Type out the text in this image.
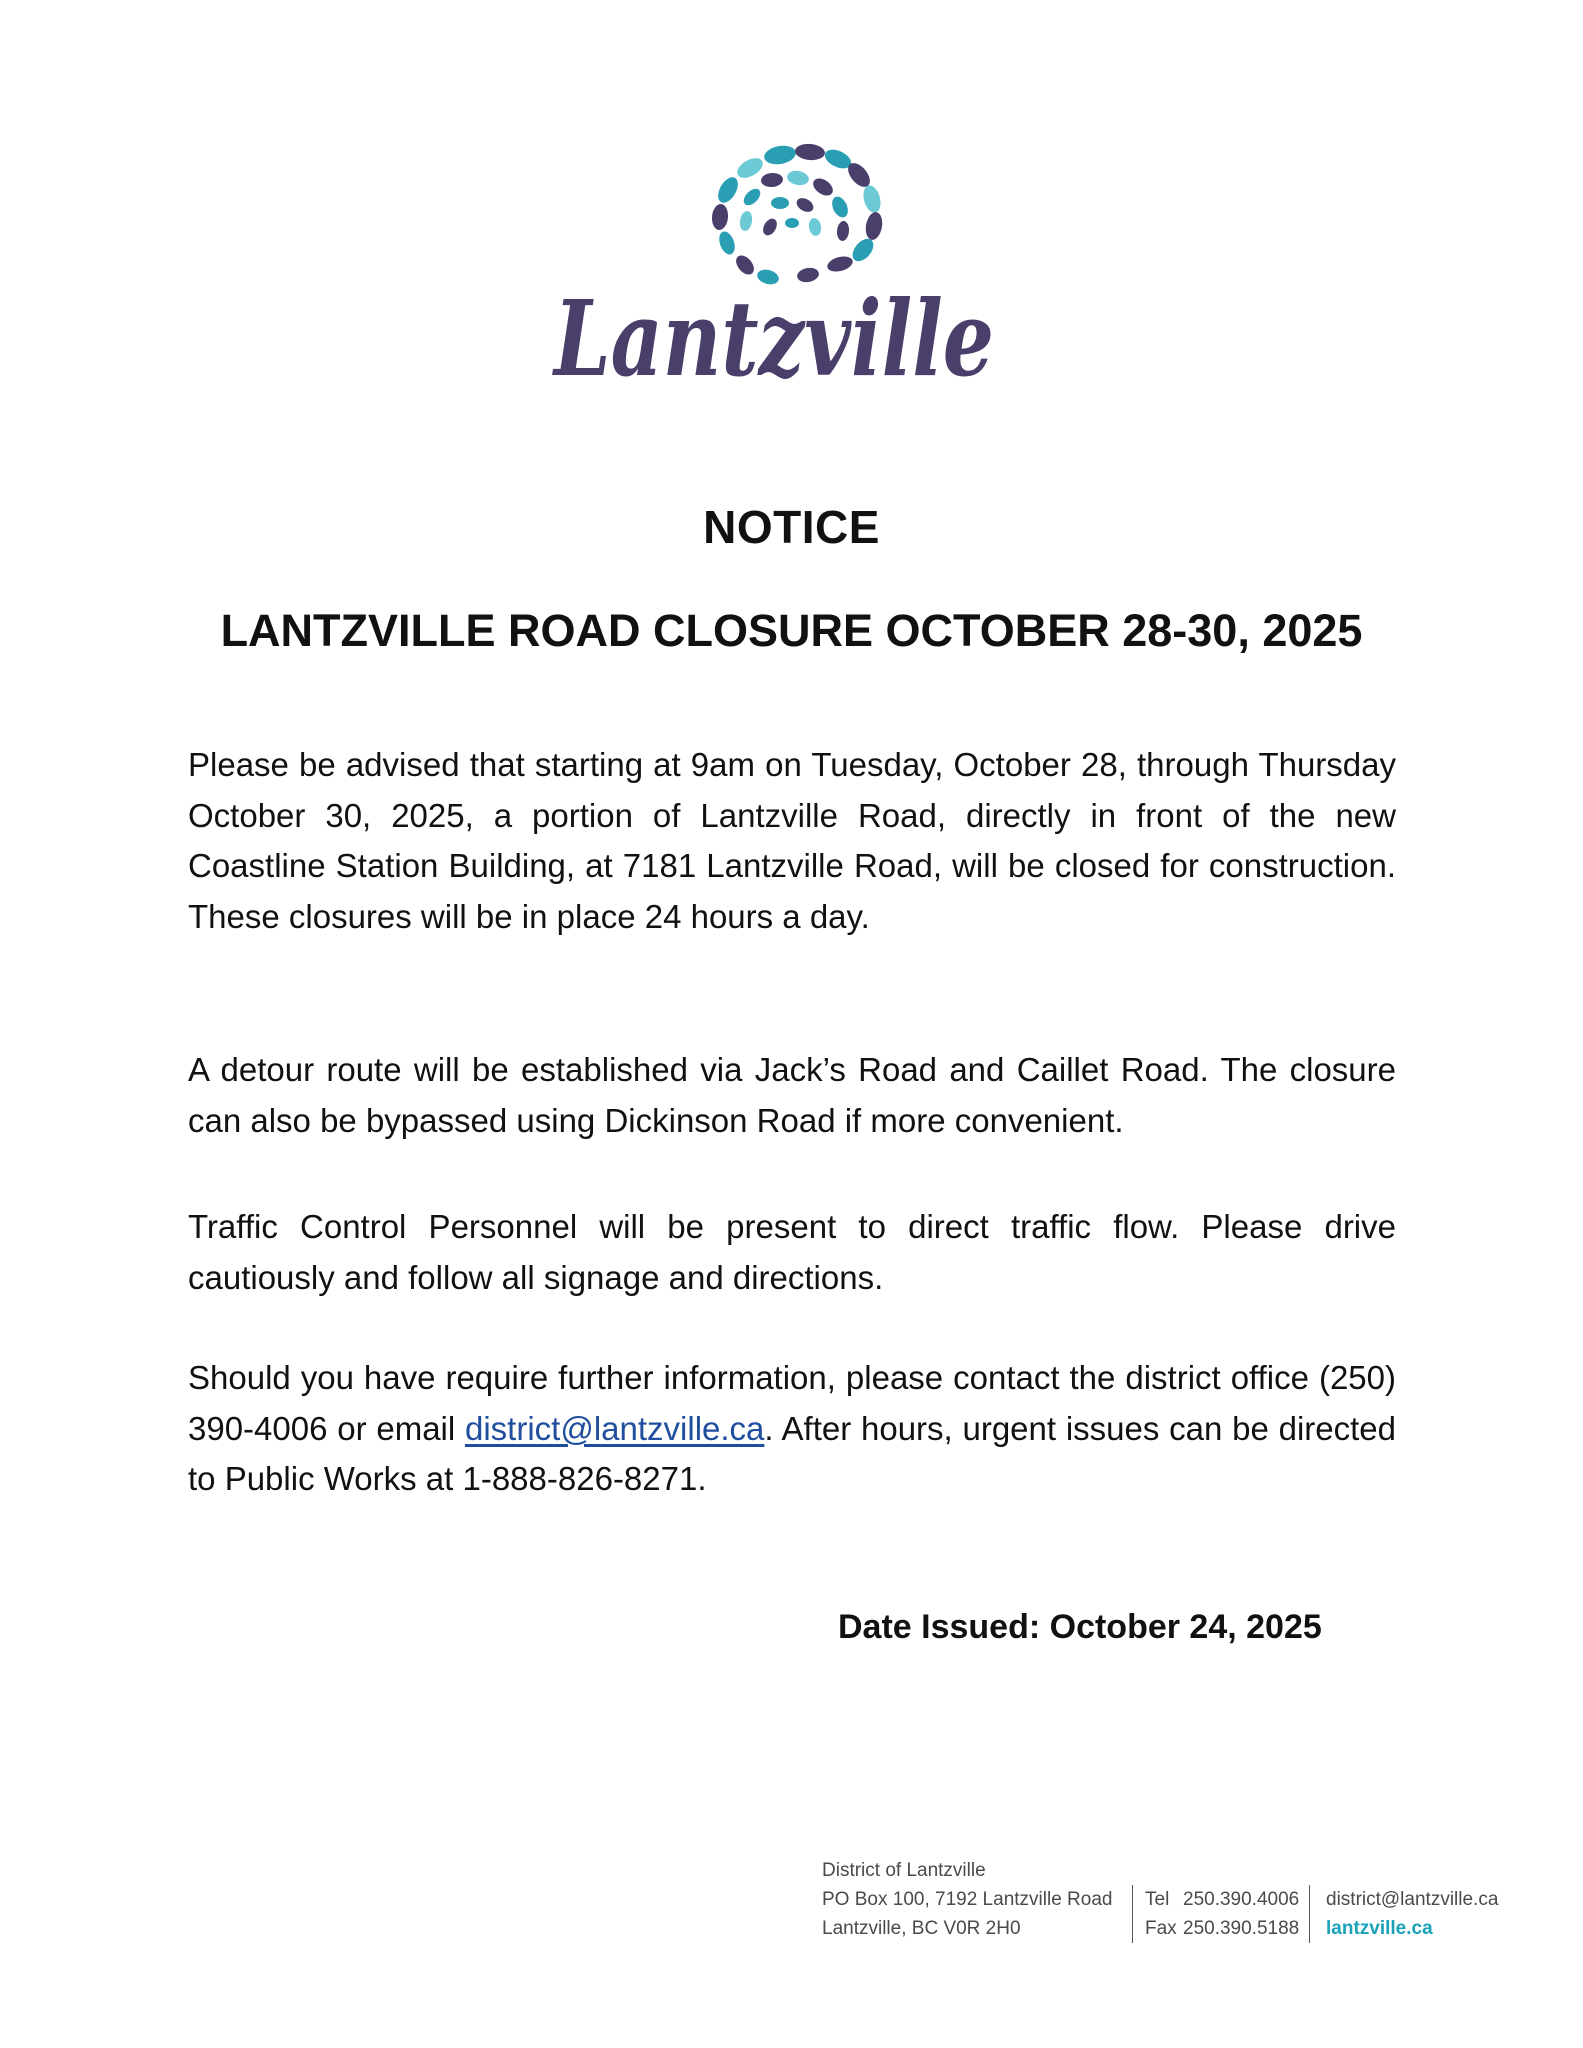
Lantzville
NOTICE
LANTZVILLE ROAD CLOSURE OCTOBER 28-30, 2025

Please be advised that starting at 9am on Tuesday, October 28, through Thursday October 30, 2025, a portion of Lantzville Road, directly in front of the new Coastline Station Building, at 7181 Lantzville Road, will be closed for construction. These closures will be in place 24 hours a day.

A detour route will be established via Jack’s Road and Caillet Road. The closure can also be bypassed using Dickinson Road if more convenient.

Traffic Control Personnel will be present to direct traffic flow. Please drive cautiously and follow all signage and directions.

Should you have require further information, please contact the district office (250) 390-4006 or email district@lantzville.ca. After hours, urgent issues can be directed to Public Works at 1-888-826-8271.

Date Issued: October 24, 2025

District of Lantzville
PO Box 100, 7192 Lantzville Road
Lantzville, BC V0R 2H0
Tel 250.390.4006
Fax 250.390.5188
district@lantzville.ca
lantzville.ca
